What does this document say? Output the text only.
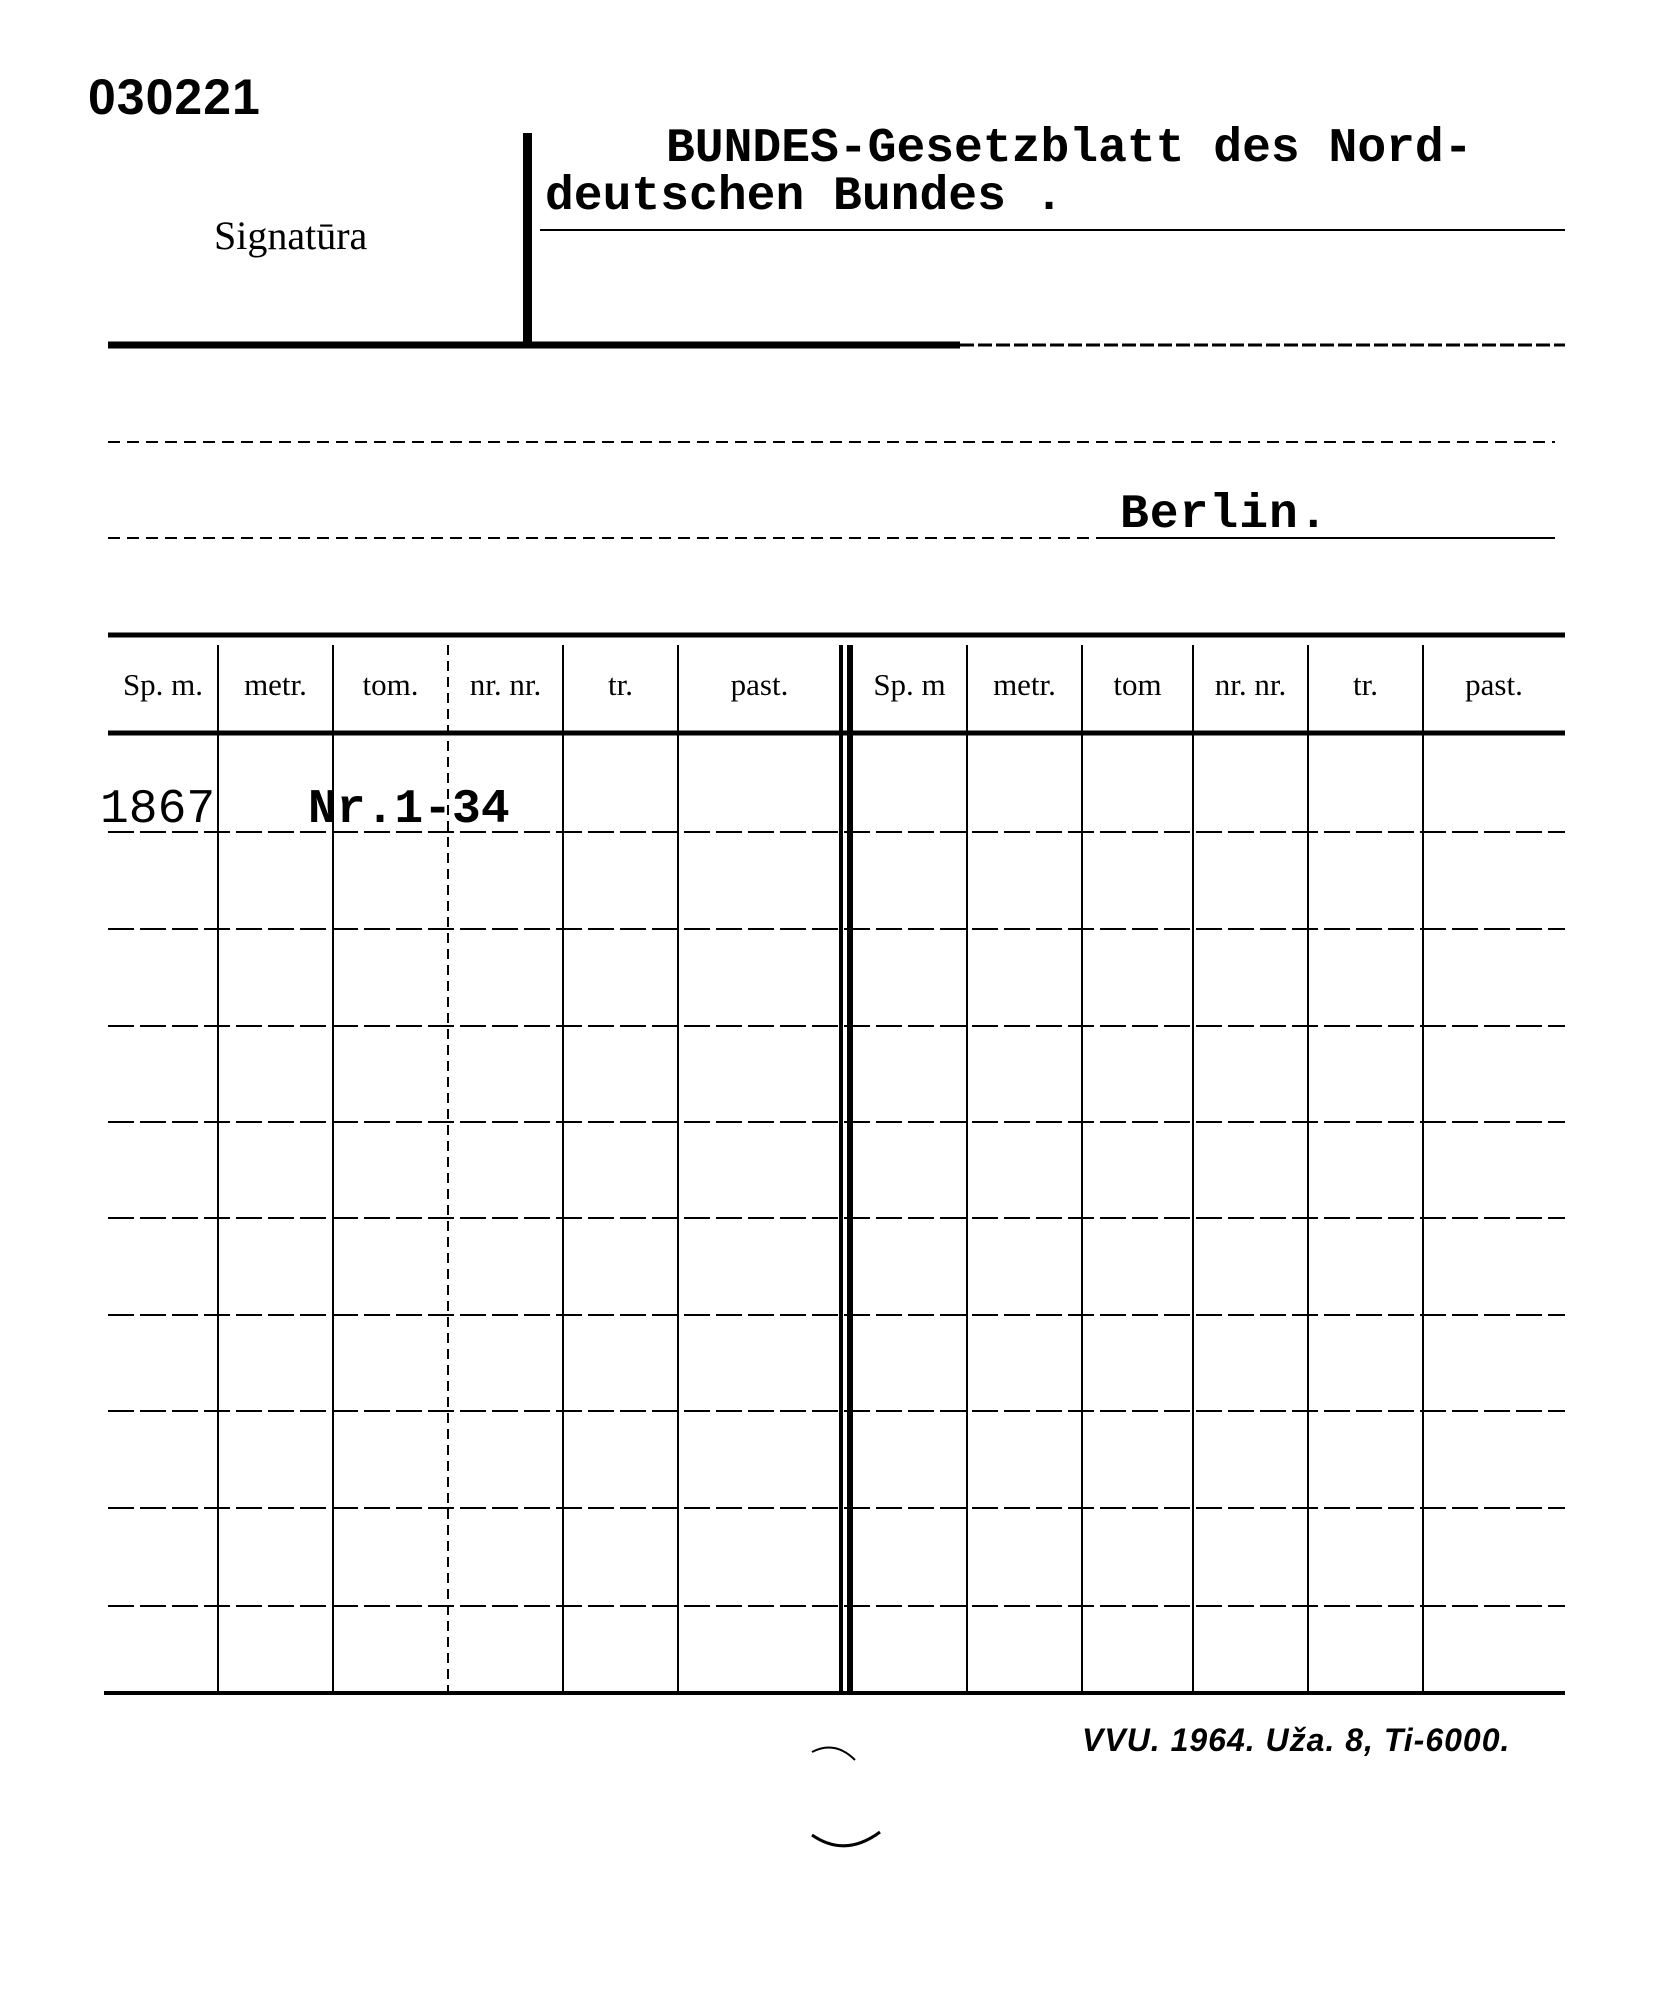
030221
Signatūra
BUNDES-Gesetzblatt des Nord-
deutschen Bundes .
Berlin.
Sp. m.	metr.	tom.	nr. nr.	tr.	past.	Sp. m	metr.	tom	nr. nr.	tr.	past.
1867 Nr.1-34
VVU. 1964. Uža. 8, Ti-6000.
